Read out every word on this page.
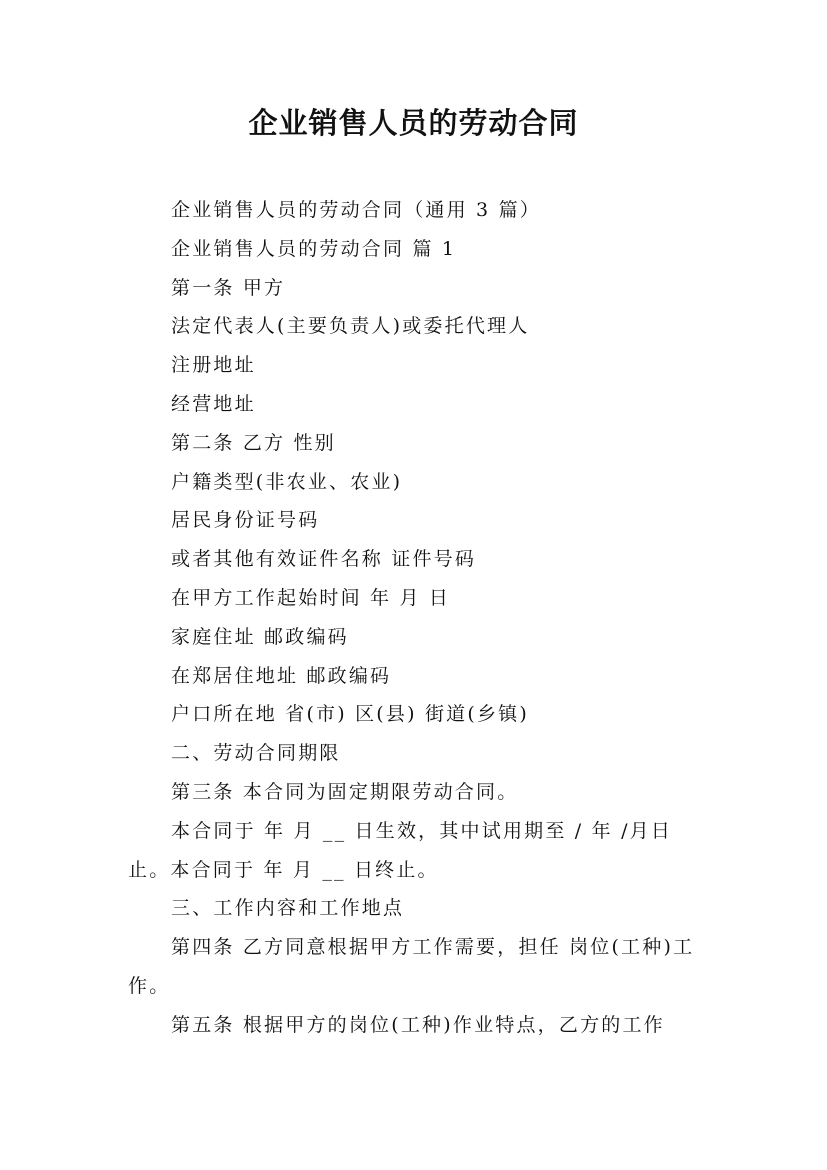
企业销售人员的劳动合同

企业销售人员的劳动合同（通用 3 篇）

企业销售人员的劳动合同 篇 1

第一条 甲方

法定代表人(主要负责人)或委托代理人

注册地址

经营地址

第二条 乙方 性别

户籍类型(非农业、农业)

居民身份证号码

或者其他有效证件名称 证件号码

在甲方工作起始时间 年 月 日

家庭住址 邮政编码

在郑居住地址 邮政编码

户口所在地 省(市) 区(县) 街道(乡镇)

二、劳动合同期限

第三条 本合同为固定期限劳动合同。

本合同于 年 月 __ 日生效，其中试用期至 / 年 /月日止。本合同于 年 月 __ 日终止。

三、工作内容和工作地点

第四条 乙方同意根据甲方工作需要，担任 岗位(工种)工作。

第五条 根据甲方的岗位(工种)作业特点，乙方的工作
